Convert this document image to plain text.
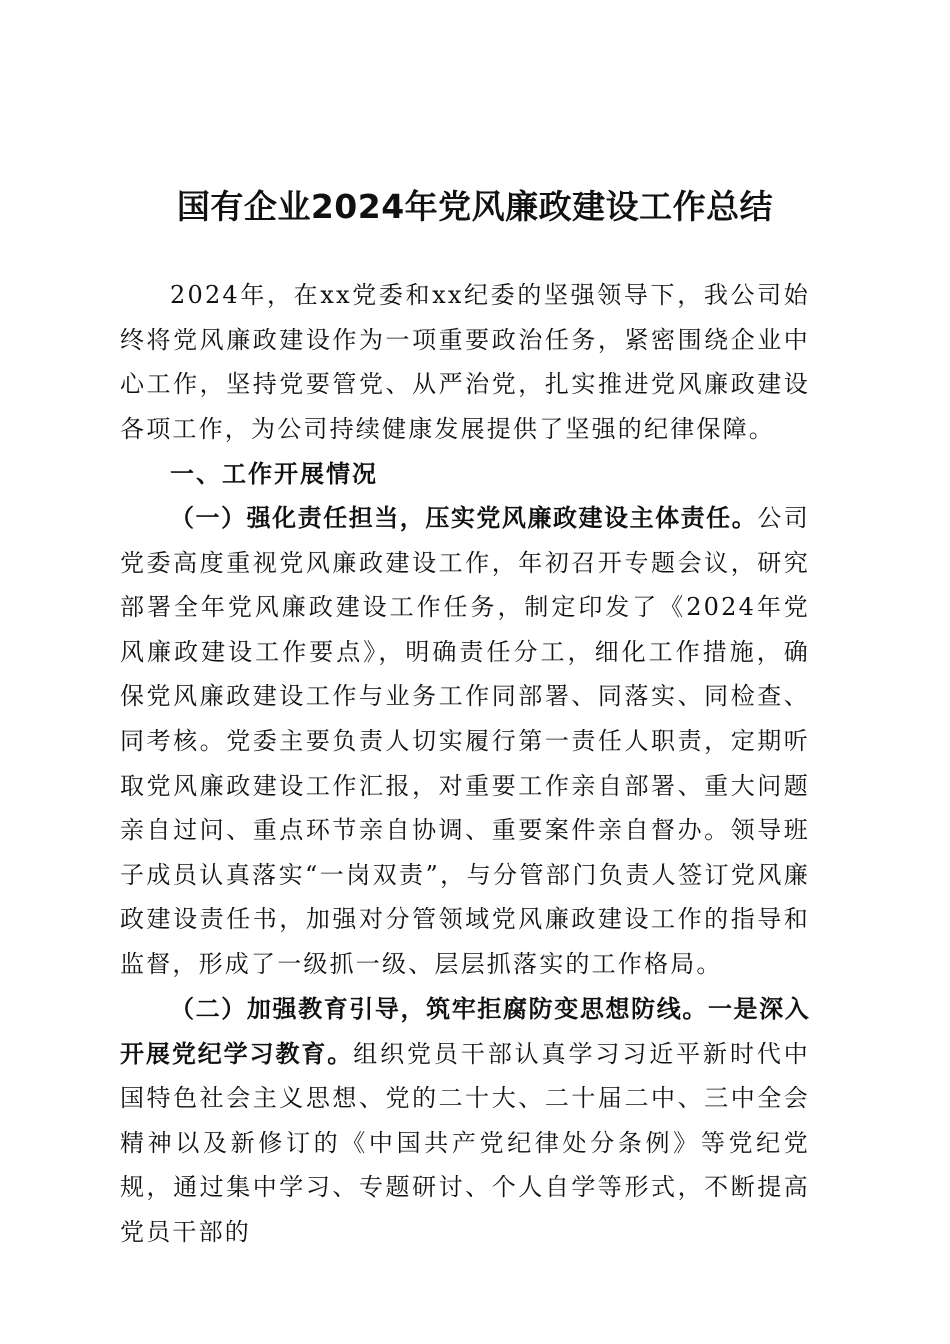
国有企业2024年党风廉政建设工作总结

2024年，在xx党委和xx纪委的坚强领导下，我公司始终将党风廉政建设作为一项重要政治任务，紧密围绕企业中心工作，坚持党要管党、从严治党，扎实推进党风廉政建设各项工作，为公司持续健康发展提供了坚强的纪律保障。

一、工作开展情况

（一）强化责任担当，压实党风廉政建设主体责任。公司党委高度重视党风廉政建设工作，年初召开专题会议，研究部署全年党风廉政建设工作任务，制定印发了《2024年党风廉政建设工作要点》，明确责任分工，细化工作措施，确保党风廉政建设工作与业务工作同部署、同落实、同检查、同考核。党委主要负责人切实履行第一责任人职责，定期听取党风廉政建设工作汇报，对重要工作亲自部署、重大问题亲自过问、重点环节亲自协调、重要案件亲自督办。领导班子成员认真落实“一岗双责”，与分管部门负责人签订党风廉政建设责任书，加强对分管领域党风廉政建设工作的指导和监督，形成了一级抓一级、层层抓落实的工作格局。

（二）加强教育引导，筑牢拒腐防变思想防线。一是深入开展党纪学习教育。组织党员干部认真学习习近平新时代中国特色社会主义思想、党的二十大、二十届二中、三中全会精神以及新修订的《中国共产党纪律处分条例》等党纪党规，通过集中学习、专题研讨、个人自学等形式，不断提高党员干部的
